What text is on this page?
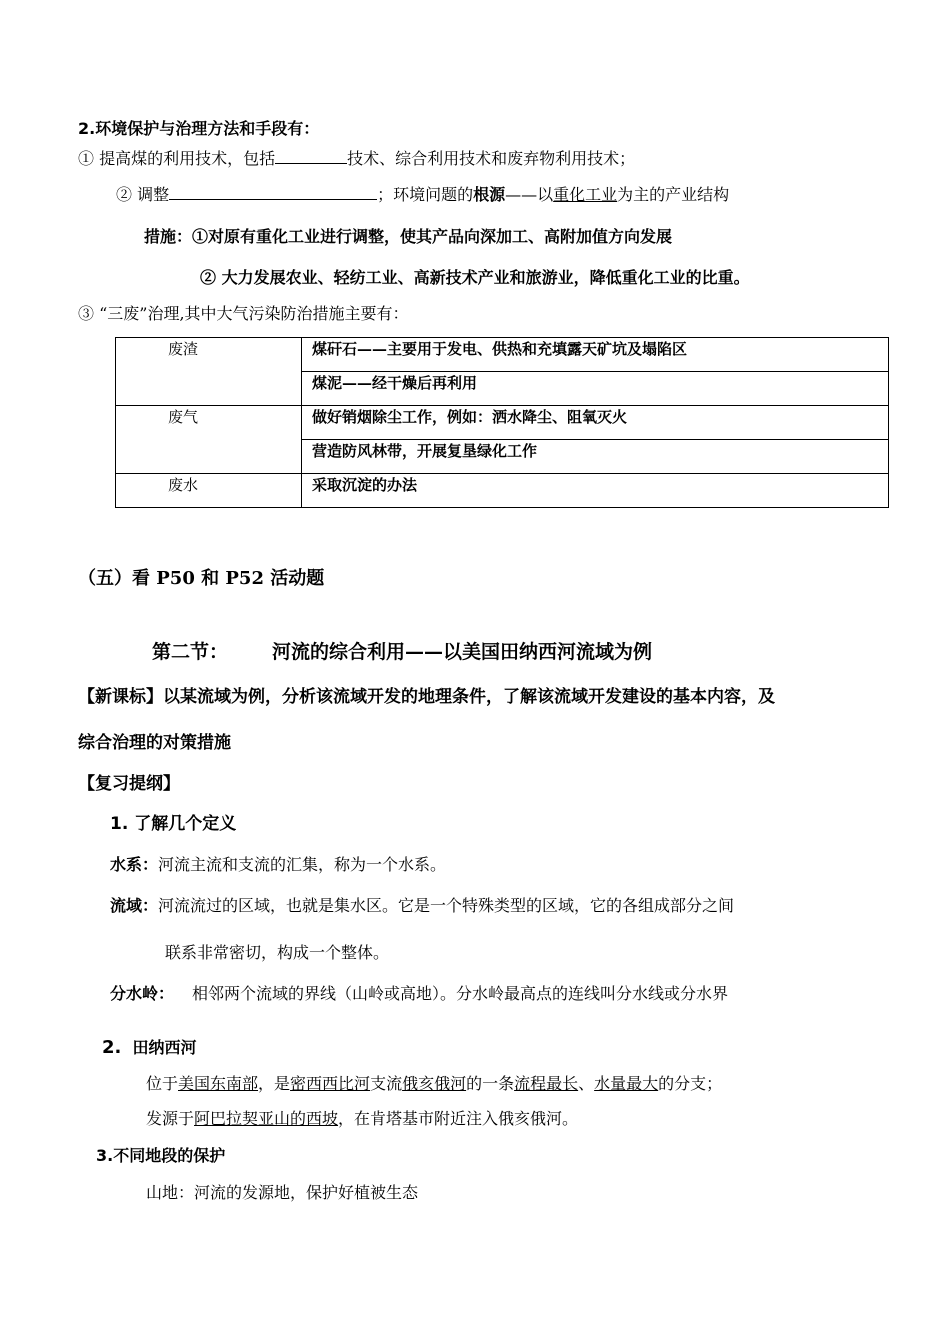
2.环境保护与治理方法和手段有：
① 提高煤的利用技术，包括	技术、综合利用技术和废弃物利用技术；
② 调整	；环境问题的根源——以重化工业为主的产业结构
措施：①对原有重化工业进行调整，使其产品向深加工、高附加值方向发展
② 大力发展农业、轻纺工业、高新技术产业和旅游业，降低重化工业的比重。
③ “三废”治理,其中大气污染防治措施主要有：
废渣	煤矸石——主要用于发电、供热和充填露天矿坑及塌陷区
	煤泥——经干燥后再利用
废气	做好销烟除尘工作，例如：洒水降尘、阻氧灭火
	营造防风林带，开展复垦绿化工作
废水	采取沉淀的办法
（五）看 P50 和 P52 活动题
第二节： 河流的综合利用——以美国田纳西河流域为例
【新课标】以某流域为例，分析该流域开发的地理条件，了解该流域开发建设的基本内容，及
综合治理的对策措施
【复习提纲】
1. 了解几个定义
水系：河流主流和支流的汇集，称为一个水系。
流域：河流流过的区域，也就是集水区。它是一个特殊类型的区域，它的各组成部分之间
联系非常密切，构成一个整体。
分水岭： 相邻两个流域的界线（山岭或高地）。分水岭最高点的连线叫分水线或分水界
2. 田纳西河
位于美国东南部，是密西西比河支流俄亥俄河的一条流程最长、水量最大的分支；
发源于阿巴拉契亚山的西坡，在肯塔基市附近注入俄亥俄河。
3.不同地段的保护
山地：河流的发源地，保护好植被生态
